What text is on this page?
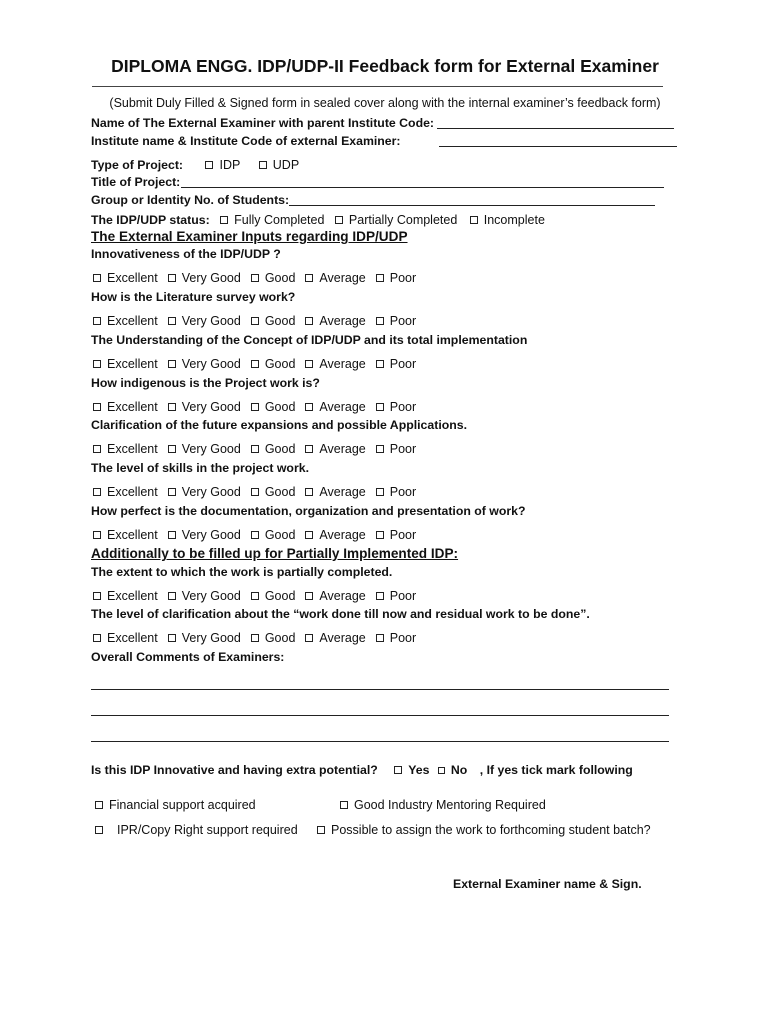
DIPLOMA ENGG. IDP/UDP-II Feedback form for External Examiner
(Submit Duly Filled & Signed form in sealed cover along with the internal examiner’s feedback form)
Name of The External Examiner with parent Institute Code:
Institute name & Institute Code of external Examiner:
Type of Project:	IDP	UDP
Title of Project:
Group or Identity No. of Students:
The IDP/UDP status: Fully Completed Partially Completed Incomplete
The External Examiner Inputs regarding IDP/UDP
Innovativeness of the IDP/UDP ?
Excellent Very Good Good Average Poor
How is the Literature survey work?
Excellent Very Good Good Average Poor
The Understanding of the Concept of IDP/UDP and its total implementation
Excellent Very Good Good Average Poor
How indigenous is the Project work is?
Excellent Very Good Good Average Poor
Clarification of the future expansions and possible Applications.
Excellent Very Good Good Average Poor
The level of skills in the project work.
Excellent Very Good Good Average Poor
How perfect is the documentation, organization and presentation of work?
Excellent Very Good Good Average Poor
Additionally to be filled up for Partially Implemented IDP:
The extent to which the work is partially completed.
Excellent Very Good Good Average Poor
The level of clarification about the “work done till now and residual work to be done”.
Excellent Very Good Good Average Poor
Overall Comments of Examiners:
Is this IDP Innovative and having extra potential? Yes No , If yes tick mark following
Financial support acquired	Good Industry Mentoring Required
IPR/Copy Right support required	Possible to assign the work to forthcoming student batch?
External Examiner name & Sign.
